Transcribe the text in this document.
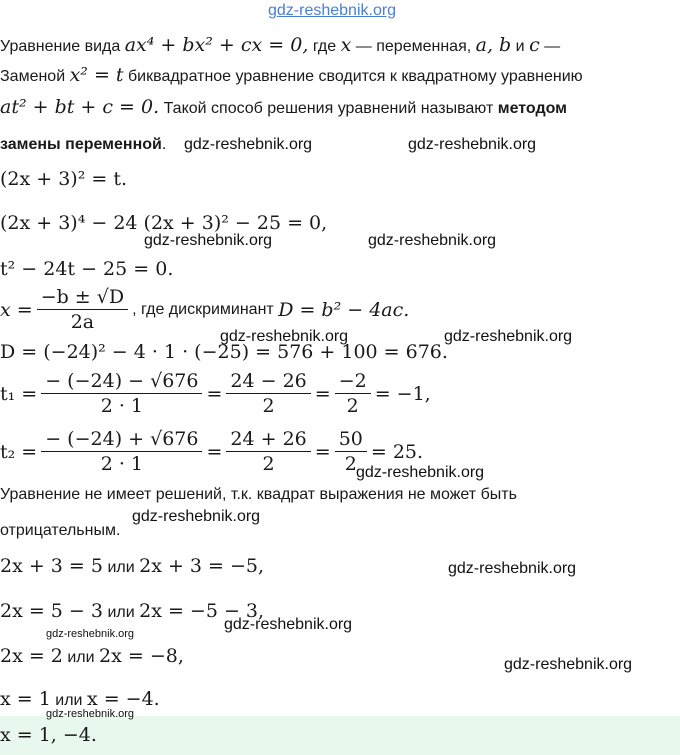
gdz-reshebnik.org
Уравнение вида ax⁴ + bx² + cx = 0, где x — переменная, a, b и c —
Заменой x² = t биквадратное уравнение сводится к квадратному уравнению
at² + bt + c = 0. Такой способ решения уравнений называют методом
замены переменной.
(2x + 3)² = t.
(2x + 3)⁴ − 24 (2x + 3)² − 25 = 0,
t² − 24t − 25 = 0.
$x = \frac{-b \pm √D}{2a}$ , где дискриминант
D = b² − 4ac.
D = (−24)² − 4 · 1 · (−25) = 576 + 100 = 676.
$t_1 = \frac{- (-24) - √676}{2 \cdot 1} = \frac{24 - 26}{2} = \frac{-2}{2} = -1$,
$t_2 = \frac{- (-24) + √676}{2 \cdot 1} = \frac{24 + 26}{2} = \frac{50}{2} = 25$.
Уравнение не имеет решений, т.к. квадрат выражения не может быть
отрицательным.
2x + 3 = 5 или 2x + 3 = −5,
2x = 5 − 3 или 2x = −5 − 3,
2x = 2 или 2x = −8,
x = 1 или x = −4.
x = 1, −4.
gdz-reshebnik.org	gdz-reshebnik.org
gdz-reshebnik.org	gdz-reshebnik.org
gdz-reshebnik.org	gdz-reshebnik.org
gdz-reshebnik.org
gdz-reshebnik.org
gdz-reshebnik.org
gdz-reshebnik.org
gdz-reshebnik.org
gdz-reshebnik.org
gdz-reshebnik.org
